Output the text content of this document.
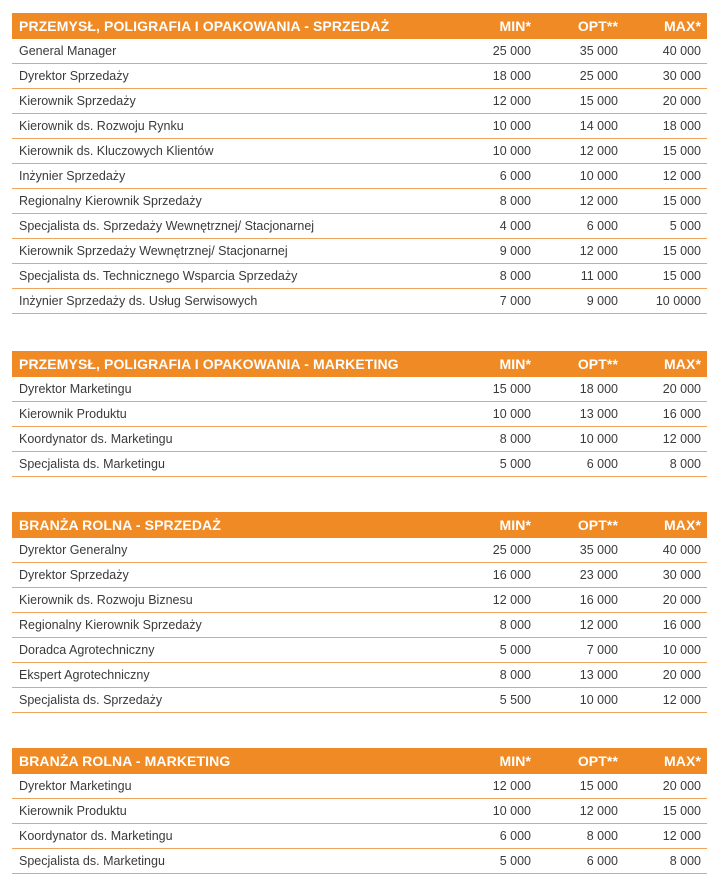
PRZEMYSŁ, POLIGRAFIA I OPAKOWANIA - SPRZEDAŻ	MIN*	OPT**	MAX*
General Manager	25 000	35 000	40 000
Dyrektor Sprzedaży	18 000	25 000	30 000
Kierownik Sprzedaży	12 000	15 000	20 000
Kierownik ds. Rozwoju Rynku	10 000	14 000	18 000
Kierownik ds. Kluczowych Klientów	10 000	12 000	15 000
Inżynier Sprzedaży	6 000	10 000	12 000
Regionalny Kierownik Sprzedaży	8 000	12 000	15 000
Specjalista ds. Sprzedaży Wewnętrznej/ Stacjonarnej	4 000	6 000	5 000
Kierownik Sprzedaży Wewnętrznej/ Stacjonarnej	9 000	12 000	15 000
Specjalista ds. Technicznego Wsparcia Sprzedaży	8 000	11 000	15 000
Inżynier Sprzedaży ds. Usług Serwisowych	7 000	9 000	10 0000
PRZEMYSŁ, POLIGRAFIA I OPAKOWANIA - MARKETING	MIN*	OPT**	MAX*
Dyrektor Marketingu	15 000	18 000	20 000
Kierownik Produktu	10 000	13 000	16 000
Koordynator ds. Marketingu	8 000	10 000	12 000
Specjalista ds. Marketingu	5 000	6 000	8 000
BRANŻA ROLNA - SPRZEDAŻ	MIN*	OPT**	MAX*
Dyrektor Generalny	25 000	35 000	40 000
Dyrektor Sprzedaży	16 000	23 000	30 000
Kierownik ds. Rozwoju Biznesu	12 000	16 000	20 000
Regionalny Kierownik Sprzedaży	8 000	12 000	16 000
Doradca Agrotechniczny	5 000	7 000	10 000
Ekspert Agrotechniczny	8 000	13 000	20 000
Specjalista ds. Sprzedaży	5 500	10 000	12 000
BRANŻA ROLNA - MARKETING	MIN*	OPT**	MAX*
Dyrektor Marketingu	12 000	15 000	20 000
Kierownik Produktu	10 000	12 000	15 000
Koordynator ds. Marketingu	6 000	8 000	12 000
Specjalista ds. Marketingu	5 000	6 000	8 000
